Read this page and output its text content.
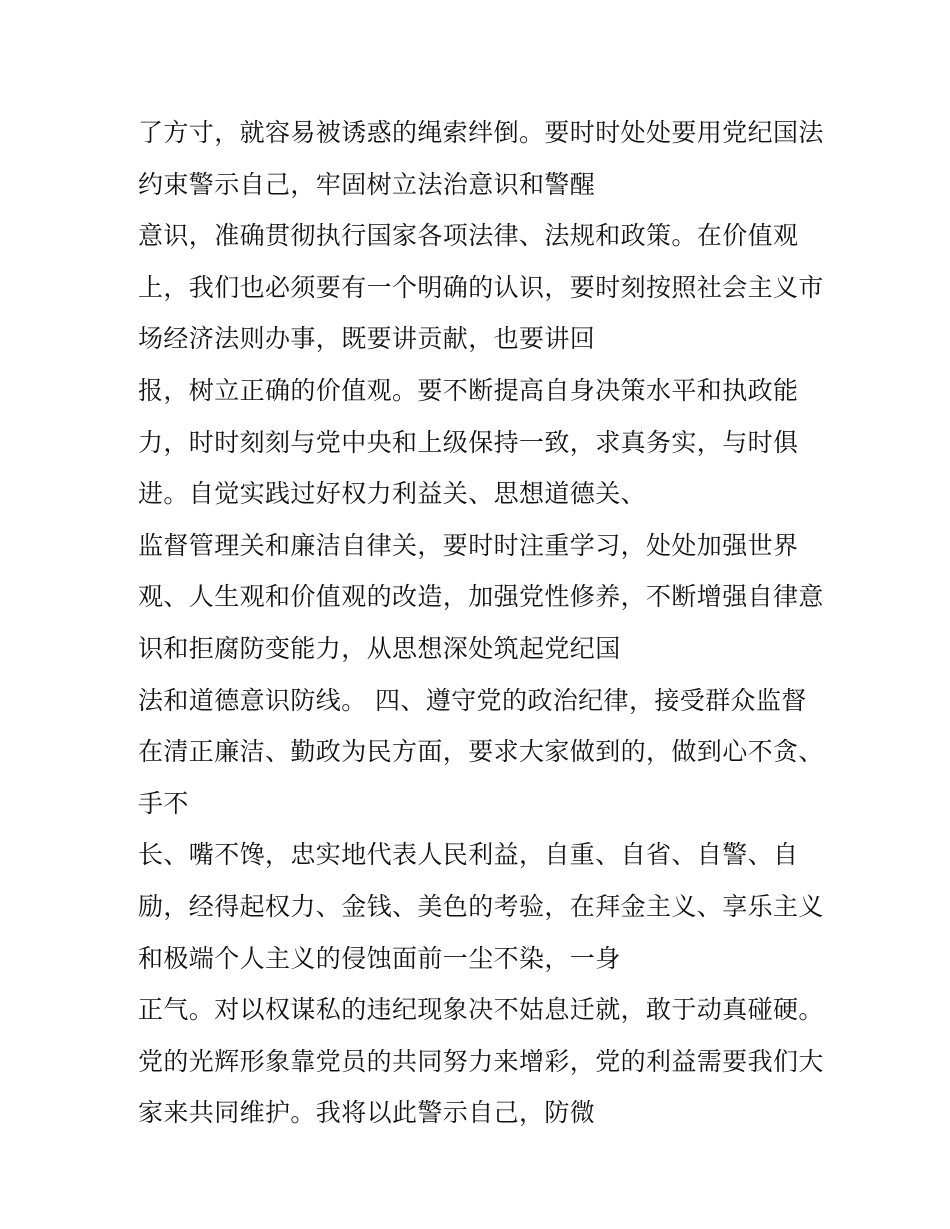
了方寸，就容易被诱惑的绳索绊倒。要时时处处要用党纪国法
约束警示自己，牢固树立法治意识和警醒
意识，准确贯彻执行国家各项法律、法规和政策。在价值观
上，我们也必须要有一个明确的认识，要时刻按照社会主义市
场经济法则办事，既要讲贡献，也要讲回
报，树立正确的价值观。要不断提高自身决策水平和执政能
力，时时刻刻与党中央和上级保持一致，求真务实，与时俱
进。自觉实践过好权力利益关、思想道德关、
监督管理关和廉洁自律关，要时时注重学习，处处加强世界
观、人生观和价值观的改造，加强党性修养，不断增强自律意
识和拒腐防变能力，从思想深处筑起党纪国
法和道德意识防线。 四、遵守党的政治纪律，接受群众监督
在清正廉洁、勤政为民方面，要求大家做到的，做到心不贪、
手不
长、嘴不馋，忠实地代表人民利益，自重、自省、自警、自
励，经得起权力、金钱、美色的考验，在拜金主义、享乐主义
和极端个人主义的侵蚀面前一尘不染，一身
正气。对以权谋私的违纪现象决不姑息迁就，敢于动真碰硬。
党的光辉形象靠党员的共同努力来增彩，党的利益需要我们大
家来共同维护。我将以此警示自己，防微
